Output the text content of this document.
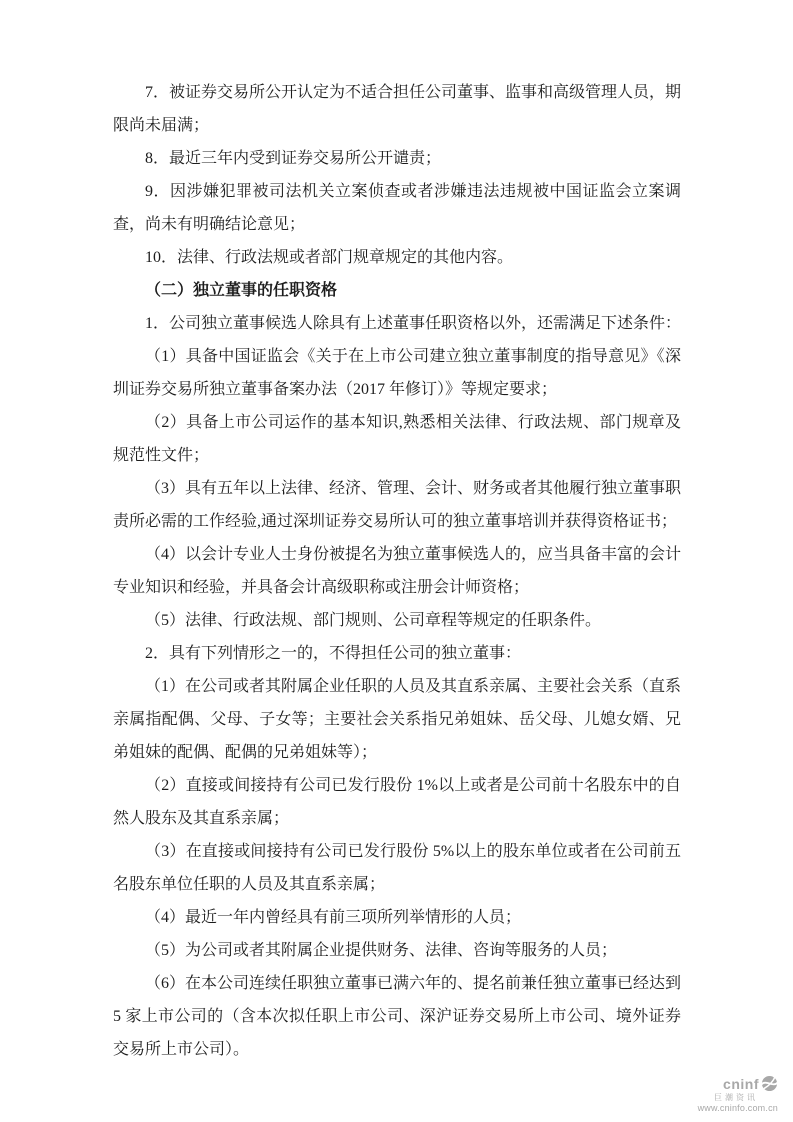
7．被证券交易所公开认定为不适合担任公司董事、监事和高级管理人员，期限尚未届满；

8．最近三年内受到证券交易所公开谴责；

9．因涉嫌犯罪被司法机关立案侦查或者涉嫌违法违规被中国证监会立案调查，尚未有明确结论意见；

10．法律、行政法规或者部门规章规定的其他内容。

（二）独立董事的任职资格

1．公司独立董事候选人除具有上述董事任职资格以外，还需满足下述条件：

（1）具备中国证监会《关于在上市公司建立独立董事制度的指导意见》《深圳证券交易所独立董事备案办法（2017 年修订）》等规定要求；

（2）具备上市公司运作的基本知识,熟悉相关法律、行政法规、部门规章及规范性文件；

（3）具有五年以上法律、经济、管理、会计、财务或者其他履行独立董事职责所必需的工作经验,通过深圳证券交易所认可的独立董事培训并获得资格证书；

（4）以会计专业人士身份被提名为独立董事候选人的，应当具备丰富的会计专业知识和经验，并具备会计高级职称或注册会计师资格；

（5）法律、行政法规、部门规则、公司章程等规定的任职条件。

2．具有下列情形之一的，不得担任公司的独立董事：

（1）在公司或者其附属企业任职的人员及其直系亲属、主要社会关系（直系亲属指配偶、父母、子女等；主要社会关系指兄弟姐妹、岳父母、儿媳女婿、兄弟姐妹的配偶、配偶的兄弟姐妹等）；

（2）直接或间接持有公司已发行股份 1%以上或者是公司前十名股东中的自然人股东及其直系亲属；

（3）在直接或间接持有公司已发行股份 5%以上的股东单位或者在公司前五名股东单位任职的人员及其直系亲属；

（4）最近一年内曾经具有前三项所列举情形的人员；

（5）为公司或者其附属企业提供财务、法律、咨询等服务的人员；

（6）在本公司连续任职独立董事已满六年的、提名前兼任独立董事已经达到 5 家上市公司的（含本次拟任职上市公司、深沪证券交易所上市公司、境外证券交易所上市公司）。

cninf
巨潮资讯
www.cninfo.com.cn
